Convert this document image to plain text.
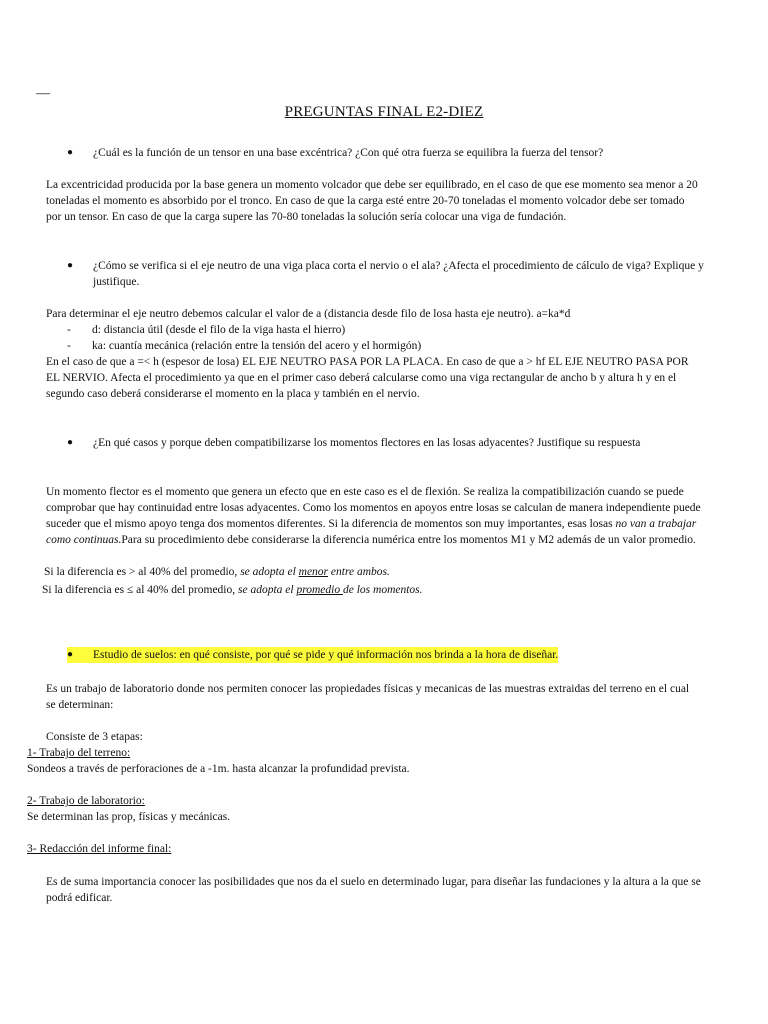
—
PREGUNTAS FINAL E2-DIEZ
●	¿Cuál es la función de un tensor en una base excéntrica? ¿Con qué otra fuerza se equilibra la fuerza del tensor?
La excentricidad producida por la base genera un momento volcador que debe ser equilibrado, en el caso de que ese momento sea menor a 20 toneladas el momento es absorbido por el tronco. En caso de que la carga esté entre 20-70 toneladas el momento volcador debe ser tomado por un tensor. En caso de que la carga supere las 70-80 toneladas la solución sería colocar una viga de fundación.
●	¿Cómo se verifica si el eje neutro de una viga placa corta el nervio o el ala? ¿Afecta el procedimiento de cálculo de viga? Explique y justifique.
Para determinar el eje neutro debemos calcular el valor de a (distancia desde filo de losa hasta eje neutro). a=ka*d
-	d: distancia útil (desde el filo de la viga hasta el hierro)
-	ka: cuantía mecánica (relación entre la tensión del acero y el hormigón)
En el caso de que a =< h (espesor de losa) EL EJE NEUTRO PASA POR LA PLACA. En caso de que a > hf EL EJE NEUTRO PASA POR EL NERVIO. Afecta el procedimiento ya que en el primer caso deberá calcularse como una viga rectangular de ancho b y altura h y en el segundo caso deberá considerarse el momento en la placa y también en el nervio.
●	¿En qué casos y porque deben compatibilizarse los momentos flectores en las losas adyacentes? Justifique su respuesta
Un momento flector es el momento que genera un efecto que en este caso es el de flexión. Se realiza la compatibilización cuando se puede comprobar que hay continuidad entre losas adyacentes. Como los momentos en apoyos entre losas se calculan de manera independiente puede suceder que el mismo apoyo tenga dos momentos diferentes. Si la diferencia de momentos son muy importantes, esas losas no van a trabajar como continuas.Para su procedimiento debe considerarse la diferencia numérica entre los momentos M1 y M2 además de un valor promedio.
Si la diferencia es > al 40% del promedio, se adopta el menor entre ambos.
Si la diferencia es ≤ al 40% del promedio, se adopta el promedio de los momentos.
●	Estudio de suelos: en qué consiste, por qué se pide y qué información nos brinda a la hora de diseñar.
Es un trabajo de laboratorio donde nos permiten conocer las propiedades físicas y mecanicas de las muestras extraidas del terreno en el cual se determinan:
Consiste de 3 etapas:
1- Trabajo del terreno:
Sondeos a través de perforaciones de a -1m. hasta alcanzar la profundidad prevista.
2- Trabajo de laboratorio:
Se determinan las prop, físicas y mecánicas.
3- Redacción del informe final:
Es de suma importancia conocer las posibilidades que nos da el suelo en determinado lugar, para diseñar las fundaciones y la altura a la que se podrá edificar.
